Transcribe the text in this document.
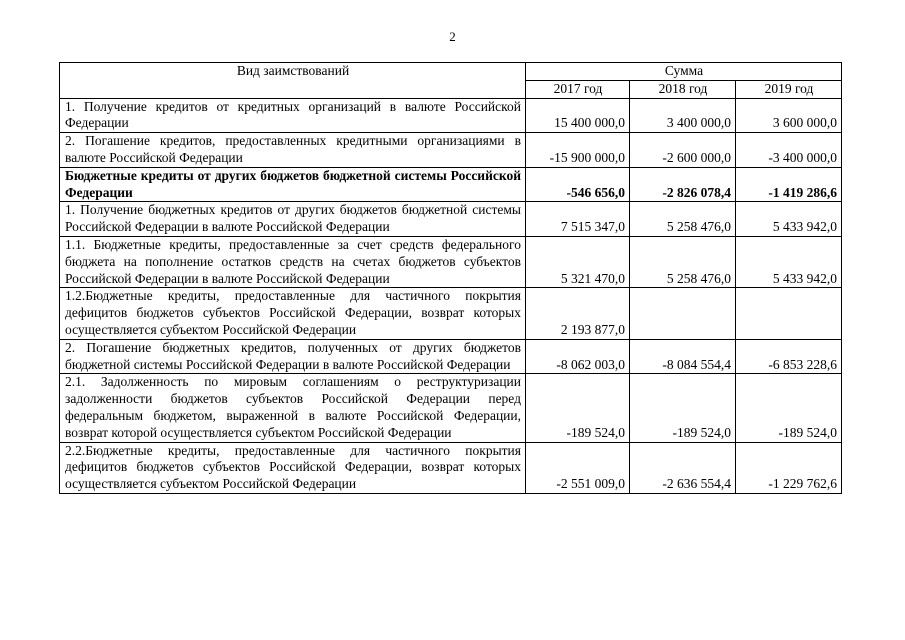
2
Вид заимствований	Сумма		
	2017 год	2018 год	2019 год
1. Получение кредитов от кредитных организаций в валюте Российской Федерации	15 400 000,0	3 400 000,0	3 600 000,0
2. Погашение кредитов, предоставленных кредитными организациями в валюте Российской Федерации	-15 900 000,0	-2 600 000,0	-3 400 000,0
Бюджетные кредиты от других бюджетов бюджетной системы Российской Федерации	-546 656,0	-2 826 078,4	-1 419 286,6
1. Получение бюджетных кредитов от других бюджетов бюджетной системы Российской Федерации в валюте Российской Федерации	7 515 347,0	5 258 476,0	5 433 942,0
1.1. Бюджетные кредиты, предоставленные за счет средств федерального бюджета на пополнение остатков средств на счетах бюджетов субъектов Российской Федерации в валюте Российской Федерации	5 321 470,0	5 258 476,0	5 433 942,0
1.2.Бюджетные кредиты, предоставленные для частичного покрытия дефицитов бюджетов субъектов Российской Федерации, возврат которых осуществляется субъектом Российской Федерации	2 193 877,0		
2. Погашение бюджетных кредитов, полученных от других бюджетов бюджетной системы Российской Федерации в валюте Российской Федерации	-8 062 003,0	-8 084 554,4	-6 853 228,6
2.1. Задолженность по мировым соглашениям о реструктуризации задолженности бюджетов субъектов Российской Федерации перед федеральным бюджетом, выраженной в валюте Российской Федерации, возврат которой осуществляется субъектом Российской Федерации	-189 524,0	-189 524,0	-189 524,0
2.2.Бюджетные кредиты, предоставленные для частичного покрытия дефицитов бюджетов субъектов Российской Федерации, возврат которых осуществляется субъектом Российской Федерации	-2 551 009,0	-2 636 554,4	-1 229 762,6
